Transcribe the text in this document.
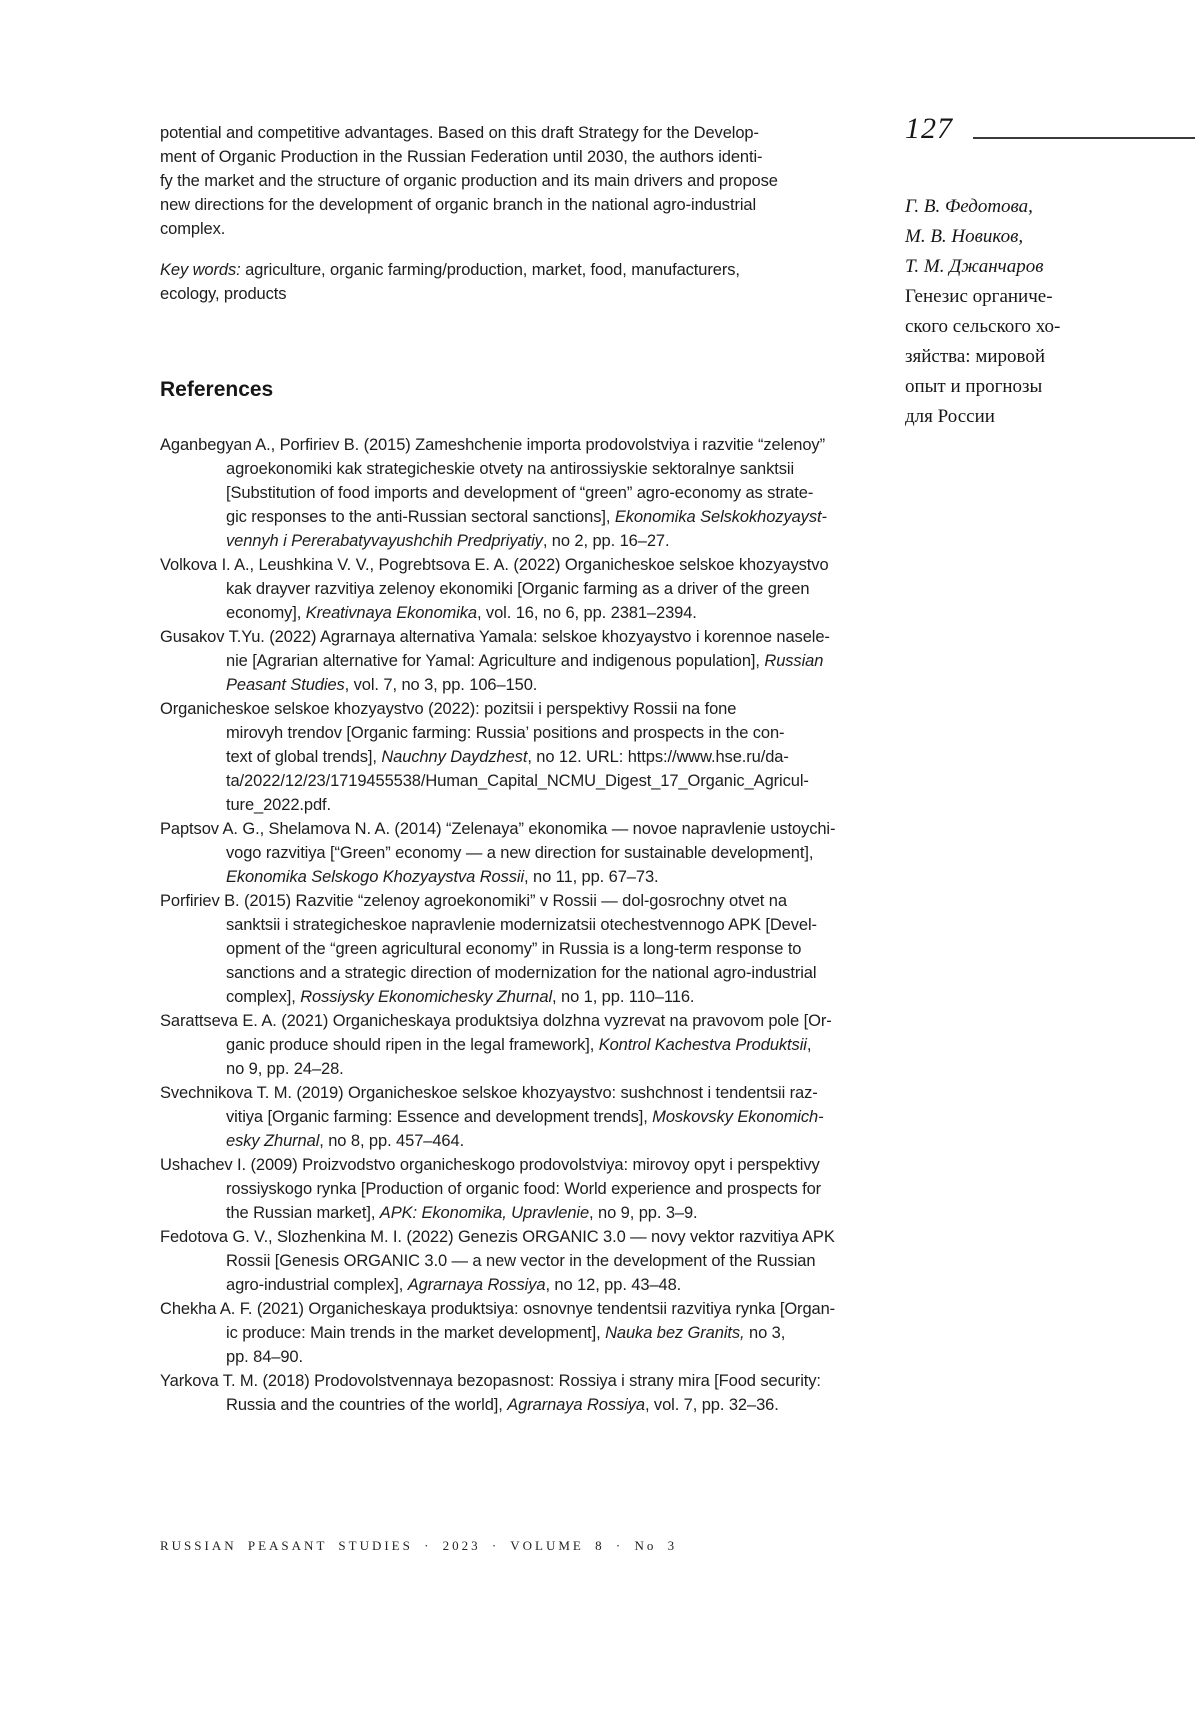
potential and competitive advantages. Based on this draft Strategy for the Develop-
ment of Organic Production in the Russian Federation until 2030, the authors identi-
fy the market and the structure of organic production and its main drivers and propose
new directions for the development of organic branch in the national agro-industrial
complex.
Key words: agriculture, organic farming/production, market, food, manufacturers,
ecology, products
References
Aganbegyan A., Porfiriev B. (2015) Zameshchenie importa prodovolstviya i razvitie “zelenoy”
agroekonomiki kak strategicheskie otvety na antirossiyskie sektoralnye sanktsii
[Substitution of food imports and development of “green” agro-economy as strate-
gic responses to the anti-Russian sectoral sanctions], Ekonomika Selskokhozyayst-
vennyh i Pererabatyvayushchih Predpriyatiy, no 2, pp. 16–27.
Volkova I. A., Leushkina V. V., Pogrebtsova E. A. (2022) Organicheskoe selskoe khozyaystvo
kak drayver razvitiya zelenoy ekonomiki [Organic farming as a driver of the green
economy], Kreativnaya Ekonomika, vol. 16, no 6, pp. 2381–2394.
Gusakov T.Yu. (2022) Agrarnaya alternativa Yamala: selskoe khozyaystvo i korennoe nasele-
nie [Agrarian alternative for Yamal: Agriculture and indigenous population], Russian
Peasant Studies, vol. 7, no 3, pp. 106–150.
Organicheskoe selskoe khozyaystvo (2022): pozitsii i perspektivy Rossii na fone
mirovyh trendov [Organic farming: Russia’ positions and prospects in the con-
text of global trends], Nauchny Daydzhest, no 12. URL: https://www.hse.ru/da-
ta/2022/12/23/1719455538/Human_Capital_NCMU_Digest_17_Organic_Agricul-
ture_2022.pdf.
Paptsov A. G., Shelamova N. A. (2014) “Zelenaya” ekonomika — novoe napravlenie ustoychi-
vogo razvitiya [“Green” economy — a new direction for sustainable development],
Ekonomika Selskogo Khozyaystva Rossii, no 11, pp. 67–73.
Porfiriev B. (2015) Razvitie “zelenoy agroekonomiki” v Rossii — dol-gosrochny otvet na
sanktsii i strategicheskoe napravlenie modernizatsii otechestvennogo APK [Devel-
opment of the “green agricultural economy” in Russia is a long-term response to
sanctions and a strategic direction of modernization for the national agro-industrial
complex], Rossiysky Ekonomichesky Zhurnal, no 1, pp. 110–116.
Sarattseva E. A. (2021) Organicheskaya produktsiya dolzhna vyzrevat na pravovom pole [Or-
ganic produce should ripen in the legal framework], Kontrol Kachestva Produktsii,
no 9, pp. 24–28.
Svechnikova T. M. (2019) Organicheskoe selskoe khozyaystvo: sushchnost i tendentsii raz-
vitiya [Organic farming: Essence and development trends], Moskovsky Ekonomich-
esky Zhurnal, no 8, pp. 457–464.
Ushachev I. (2009) Proizvodstvo organicheskogo prodovolstviya: mirovoy opyt i perspektivy
rossiyskogo rynka [Production of organic food: World experience and prospects for
the Russian market], APK: Ekonomika, Upravlenie, no 9, pp. 3–9.
Fedotova G. V., Slozhenkina M. I. (2022) Genezis ORGANIC 3.0 — novy vektor razvitiya APK
Rossii [Genesis ORGANIC 3.0 — a new vector in the development of the Russian
agro-industrial complex], Agrarnaya Rossiya, no 12, pp. 43–48.
Chekha A. F. (2021) Organicheskaya produktsiya: osnovnye tendentsii razvitiya rynka [Organ-
ic produce: Main trends in the market development], Nauka bez Granits, no 3,
pp. 84–90.
Yarkova T. M. (2018) Prodovolstvennaya bezopasnost: Rossiya i strany mira [Food security:
Russia and the countries of the world], Agrarnaya Rossiya, vol. 7, pp. 32–36.
127
Г. В. Федотова,
М. В. Новиков,
Т. М. Джанчаров
Генезис органиче-
ского сельского хо-
зяйства: мировой
опыт и прогнозы
для России
RUSSIAN PEASANT STUDIES · 2023 · VOLUME 8 · No 3
